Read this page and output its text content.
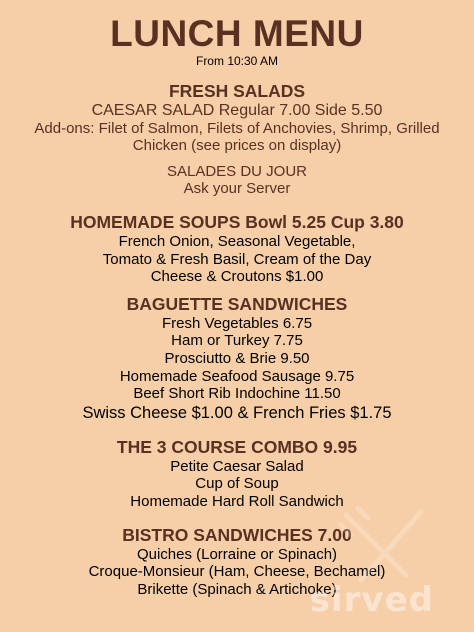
LUNCH MENU
From 10:30 AM
FRESH SALADS
CAESAR SALAD Regular 7.00 Side 5.50
Add-ons: Filet of Salmon, Filets of Anchovies, Shrimp, Grilled
Chicken (see prices on display)
SALADES DU JOUR
Ask your Server
HOMEMADE SOUPS Bowl 5.25 Cup 3.80
French Onion, Seasonal Vegetable,
Tomato & Fresh Basil, Cream of the Day
Cheese & Croutons $1.00
BAGUETTE SANDWICHES
Fresh Vegetables 6.75
Ham or Turkey 7.75
Prosciutto & Brie 9.50
Homemade Seafood Sausage 9.75
Beef Short Rib Indochine 11.50
Swiss Cheese $1.00 & French Fries $1.75
THE 3 COURSE COMBO 9.95
Petite Caesar Salad
Cup of Soup
Homemade Hard Roll Sandwich
BISTRO SANDWICHES 7.00
Quiches (Lorraine or Spinach)
Croque-Monsieur (Ham, Cheese, Bechamel)
Brikette (Spinach & Artichoke)
sirved
